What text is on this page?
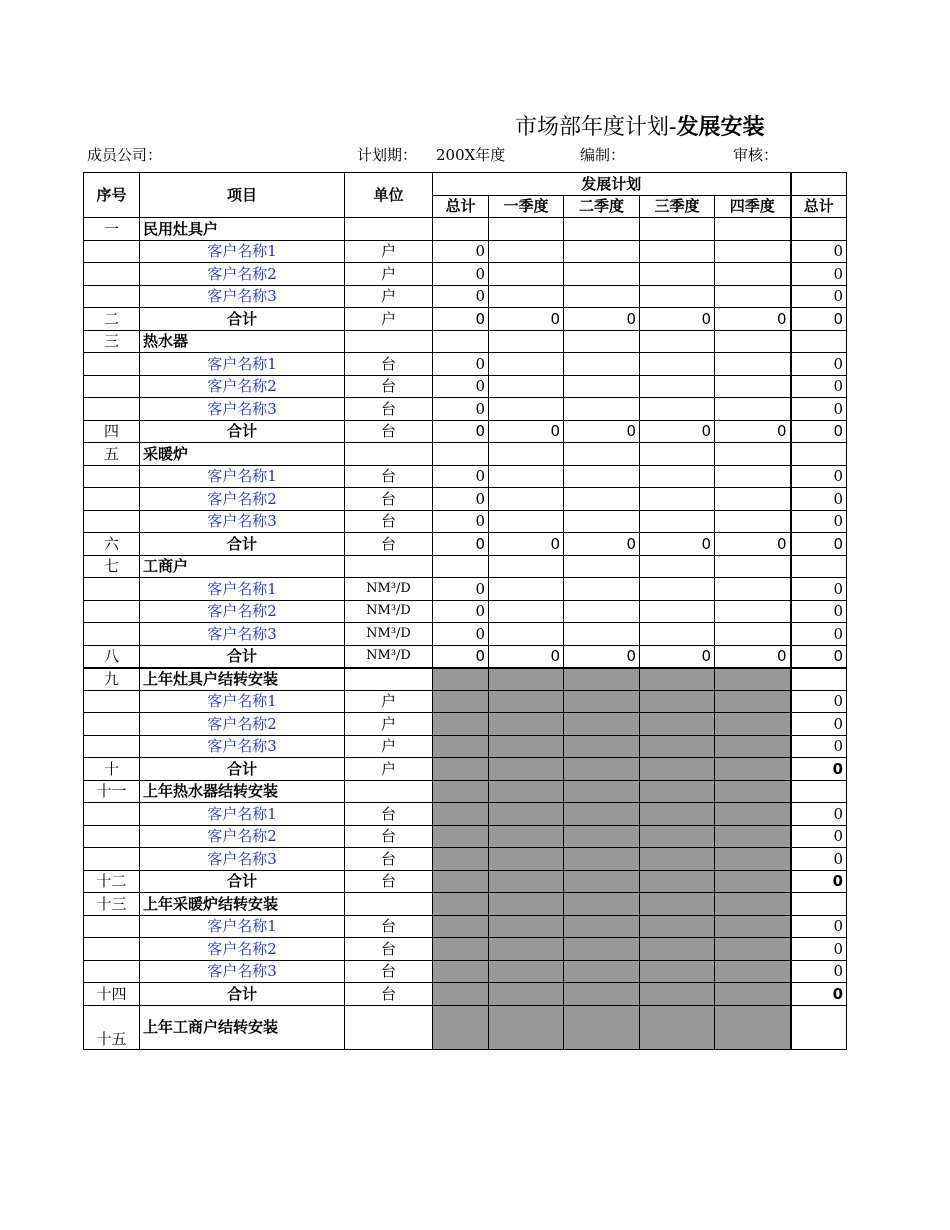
市场部年度计划-发展安装
成员公司：	计划期： 200X年度	编制：	审核：
序号	项目	单位	发展计划					
			总计	一季度	二季度	三季度	四季度	总计
一	民用灶具户							
	客户名称1	户	0					0
	客户名称2	户	0					0
	客户名称3	户	0					0
二	合计	户	0	0	0	0	0	0
三	热水器							
	客户名称1	台	0					0
	客户名称2	台	0					0
	客户名称3	台	0					0
四	合计	台	0	0	0	0	0	0
五	采暖炉							
	客户名称1	台	0					0
	客户名称2	台	0					0
	客户名称3	台	0					0
六	合计	台	0	0	0	0	0	0
七	工商户							
	客户名称1	NM³/D	0					0
	客户名称2	NM³/D	0					0
	客户名称3	NM³/D	0					0
八	合计	NM³/D	0	0	0	0	0	0
九	上年灶具户结转安装							
	客户名称1	户						0
	客户名称2	户						0
	客户名称3	户						0
十	合计	户						0
十一	上年热水器结转安装							
	客户名称1	台						0
	客户名称2	台						0
	客户名称3	台						0
十二	合计	台						0
十三	上年采暖炉结转安装							
	客户名称1	台						0
	客户名称2	台						0
	客户名称3	台						0
十四	合计	台						0
十五	上年工商户结转安装							
